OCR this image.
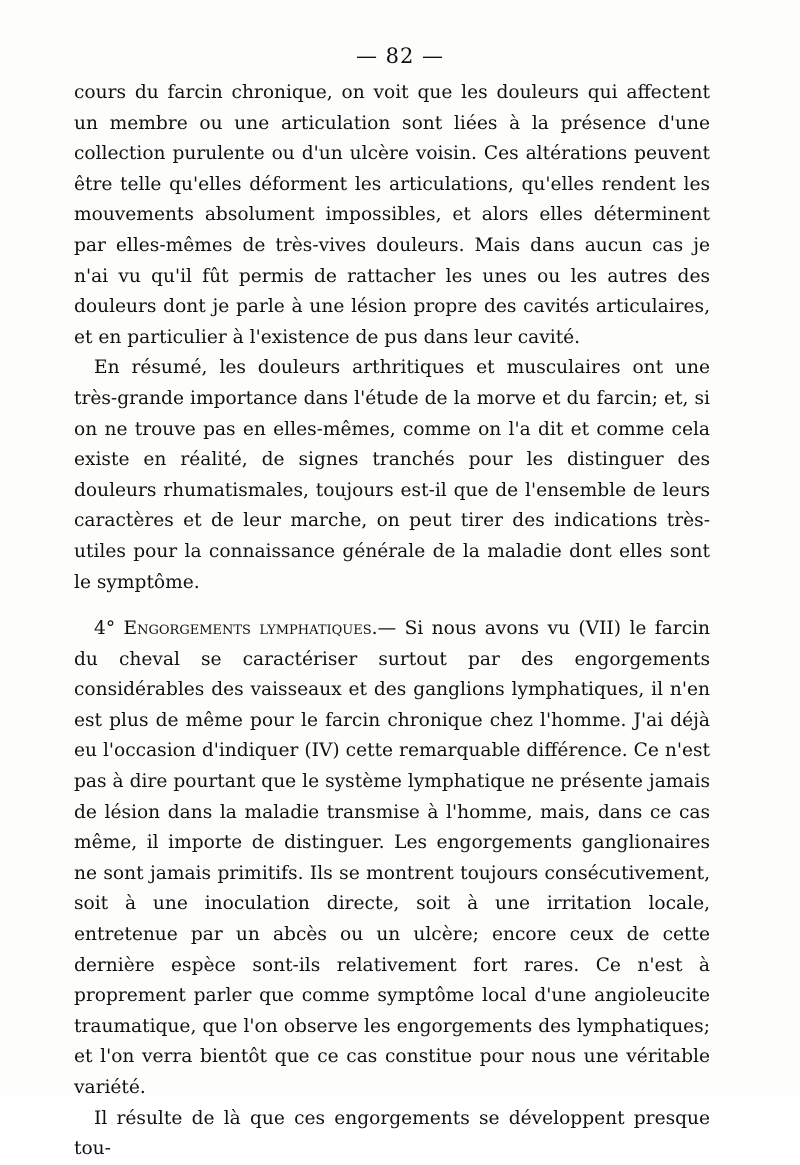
— 82 —

cours du farcin chronique, on voit que les douleurs qui affectent un membre ou une articulation sont liées à la présence d'une collection purulente ou d'un ulcère voisin. Ces altérations peuvent être telle qu'elles déforment les articulations, qu'elles rendent les mouvements absolument impossibles, et alors elles déterminent par elles-mêmes de très-vives douleurs. Mais dans aucun cas je n'ai vu qu'il fût permis de rattacher les unes ou les autres des douleurs dont je parle à une lésion propre des cavités articulaires, et en particulier à l'existence de pus dans leur cavité.

En résumé, les douleurs arthritiques et musculaires ont une très-grande importance dans l'étude de la morve et du farcin; et, si on ne trouve pas en elles-mêmes, comme on l'a dit et comme cela existe en réalité, de signes tranchés pour les distinguer des douleurs rhumatismales, toujours est-il que de l'ensemble de leurs caractères et de leur marche, on peut tirer des indications très-utiles pour la connaissance générale de la maladie dont elles sont le symptôme.

4° Engorgements lymphatiques.— Si nous avons vu (VII) le farcin du cheval se caractériser surtout par des engorgements considérables des vaisseaux et des ganglions lymphatiques, il n'en est plus de même pour le farcin chronique chez l'homme. J'ai déjà eu l'occasion d'indiquer (IV) cette remarquable différence. Ce n'est pas à dire pourtant que le système lymphatique ne présente jamais de lésion dans la maladie transmise à l'homme, mais, dans ce cas même, il importe de distinguer. Les engorgements ganglionaires ne sont jamais primitifs. Ils se montrent toujours consécutivement, soit à une inoculation directe, soit à une irritation locale, entretenue par un abcès ou un ulcère; encore ceux de cette dernière espèce sont-ils relativement fort rares. Ce n'est à proprement parler que comme symptôme local d'une angioleucite traumatique, que l'on observe les engorgements des lymphatiques; et l'on verra bientôt que ce cas constitue pour nous une véritable variété.

Il résulte de là que ces engorgements se développent presque tou-
